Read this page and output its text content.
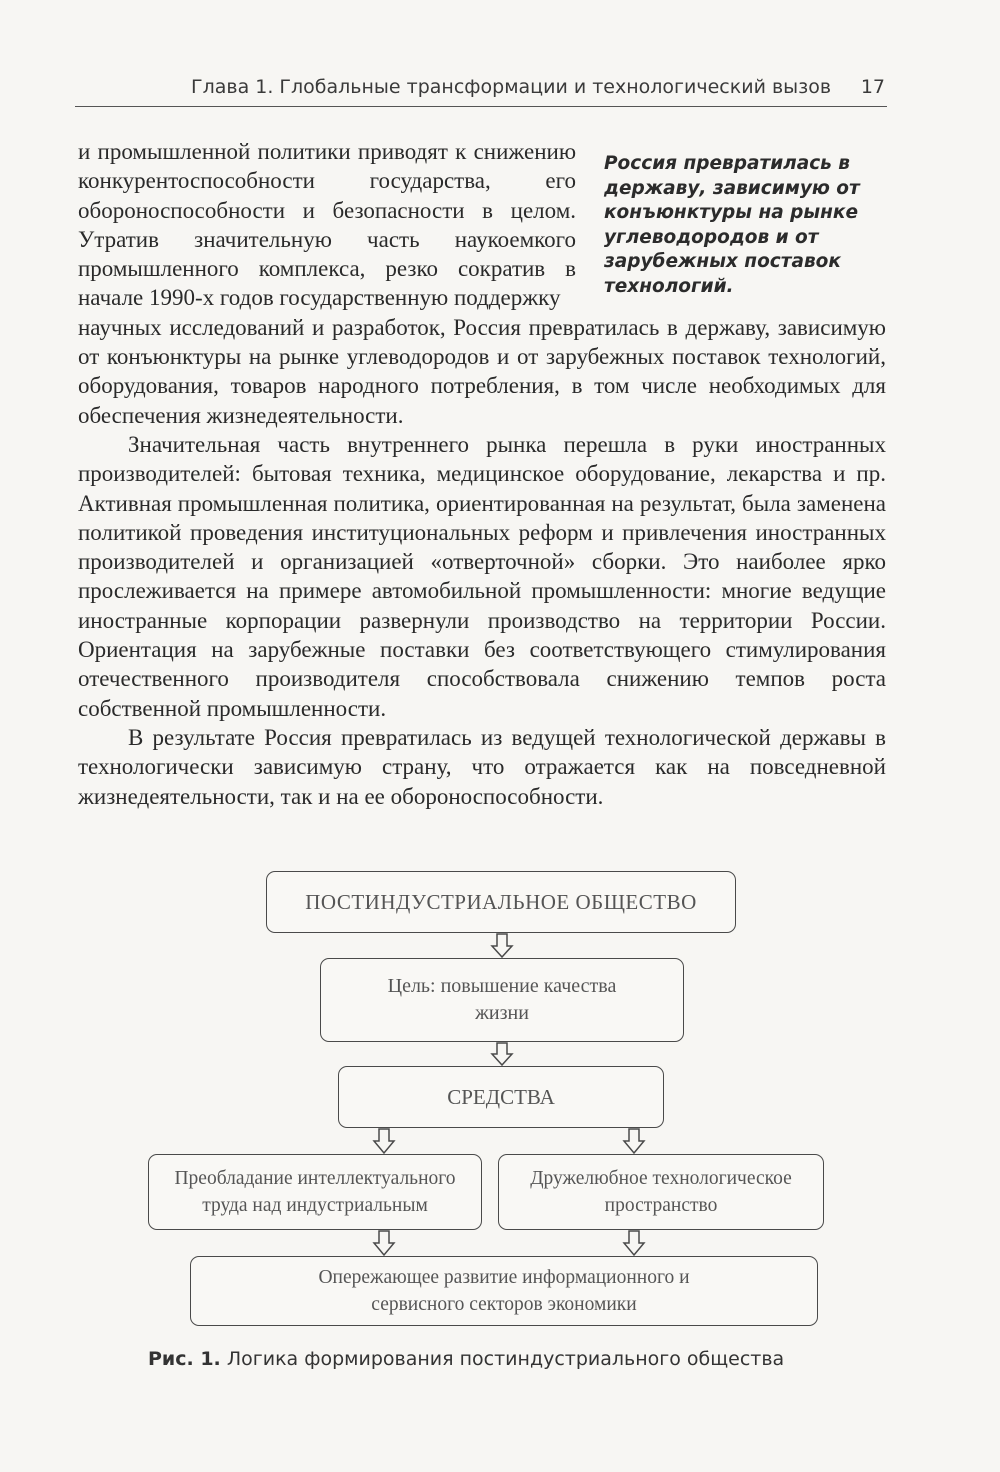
Глава 1. Глобальные трансформации и технологический вызов 17
Россия превратилась в державу, зависимую от конъюнктуры на рынке углеводородов и от зарубежных поставок технологий.

и промышленной политики приводят к снижению конкурентоспособности государства, его обороноспособности и безопасности в целом. Утратив значительную часть наукоемкого промышленного комплекса, резко сократив в начале 1990-х годов государственную поддержку

научных исследований и разработок, Россия превратилась в державу, зависимую от конъюнктуры на рынке углеводородов и от зарубежных поставок технологий, оборудования, товаров народного потребления, в том числе необходимых для обеспечения жизнедеятельности.

Значительная часть внутреннего рынка перешла в руки иностранных производителей: бытовая техника, медицинское оборудование, лекарства и пр. Активная промышленная политика, ориентированная на результат, была заменена политикой проведения институциональных реформ и привлечения иностранных производителей и организацией «отверточной» сборки. Это наиболее ярко прослеживается на примере автомобильной промышленности: многие ведущие иностранные корпорации развернули производство на территории России. Ориентация на зарубежные поставки без соответствующего стимулирования отечественного производителя способствовала снижению темпов роста собственной промышленности.

В результате Россия превратилась из ведущей технологической державы в технологически зависимую страну, что отражается как на повседневной жизнедеятельности, так и на ее обороноспособности.

ПОСТИНДУСТРИАЛЬНОЕ ОБЩЕСТВО
Цель: повышение качества жизни
СРЕДСТВА
Преобладание интеллектуального труда над индустриальным
Дружелюбное технологическое пространство
Опережающее развитие информационного и сервисного секторов экономики
Рис. 1. Логика формирования постиндустриального общества
